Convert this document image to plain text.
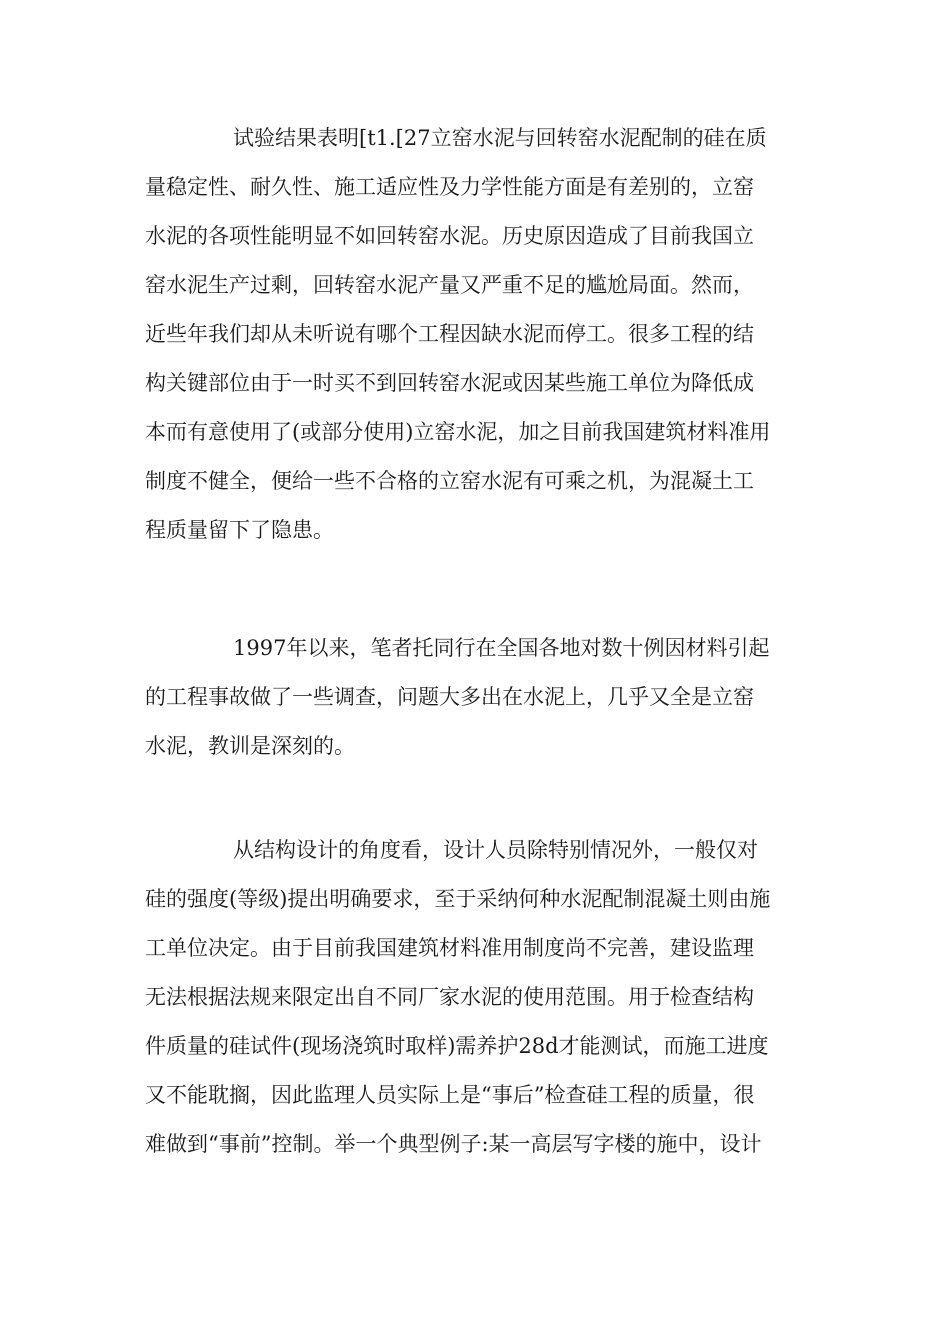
试验结果表明[t1.[27立窑水泥与回转窑水泥配制的硅在质
量稳定性、耐久性、施工适应性及力学性能方面是有差别的，立窑
水泥的各项性能明显不如回转窑水泥。历史原因造成了目前我国立
窑水泥生产过剩，回转窑水泥产量又严重不足的尴尬局面。然而，
近些年我们却从未听说有哪个工程因缺水泥而停工。很多工程的结
构关键部位由于一时买不到回转窑水泥或因某些施工单位为降低成
本而有意使用了(或部分使用)立窑水泥，加之目前我国建筑材料准用
制度不健全，便给一些不合格的立窑水泥有可乘之机，为混凝土工
程质量留下了隐患。
1997年以来，笔者托同行在全国各地对数十例因材料引起
的工程事故做了一些调查，问题大多出在水泥上，几乎又全是立窑
水泥，教训是深刻的。
从结构设计的角度看，设计人员除特别情况外，一般仅对
硅的强度(等级)提出明确要求，至于采纳何种水泥配制混凝土则由施
工单位决定。由于目前我国建筑材料准用制度尚不完善，建设监理
无法根据法规来限定出自不同厂家水泥的使用范围。用于检查结构
件质量的硅试件(现场浇筑时取样)需养护28d才能测试，而施工进度
又不能耽搁，因此监理人员实际上是“事后”检查硅工程的质量，很
难做到“事前”控制。举一个典型例子:某一高层写字楼的施中，设计
